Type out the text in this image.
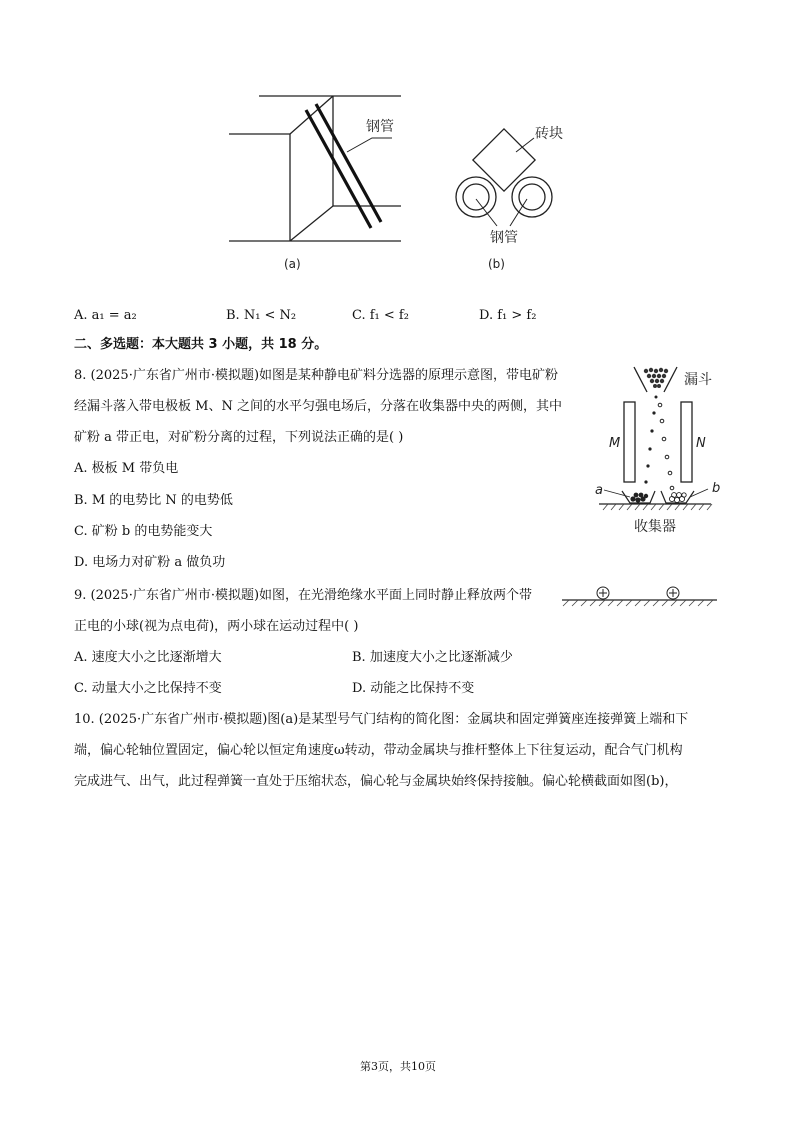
钢管	砖块
钢管
(a)	(b)
A. a₁ = a₂	B. N₁ < N₂	C. f₁ < f₂	D. f₁ > f₂
二、多选题：本大题共 3 小题，共 18 分。
8. (2025·广东省广州市·模拟题)如图是某种静电矿料分选器的原理示意图，带电矿粉
经漏斗落入带电极板 M、N 之间的水平匀强电场后，分落在收集器中央的两侧，其中
矿粉 a 带正电，对矿粉分离的过程，下列说法正确的是( )
A. 极板 M 带负电
B. M 的电势比 N 的电势低
C. 矿粉 b 的电势能变大
D. 电场力对矿粉 a 做负功
漏斗
M	N
a	b
收集器
9. (2025·广东省广州市·模拟题)如图，在光滑绝缘水平面上同时静止释放两个带
正电的小球(视为点电荷)，两小球在运动过程中( )
A. 速度大小之比逐渐增大	B. 加速度大小之比逐渐减少
C. 动量大小之比保持不变	D. 动能之比保持不变
10. (2025·广东省广州市·模拟题)图(a)是某型号气门结构的简化图：金属块和固定弹簧座连接弹簧上端和下
端，偏心轮轴位置固定，偏心轮以恒定角速度ω转动，带动金属块与推杆整体上下往复运动，配合气门机构
完成进气、出气，此过程弹簧一直处于压缩状态，偏心轮与金属块始终保持接触。偏心轮横截面如图(b)，
第3页，共10页
